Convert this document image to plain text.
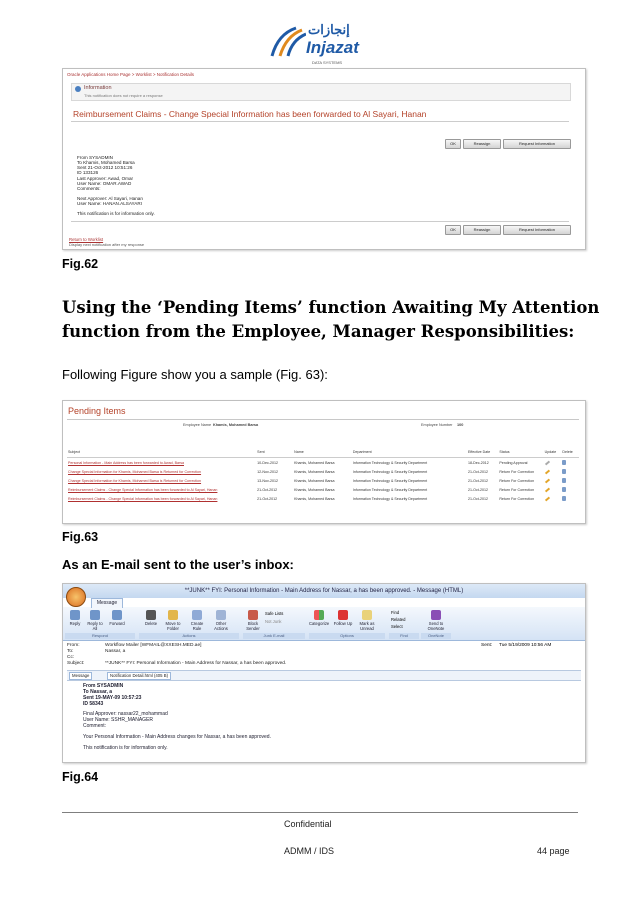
إنجازات
Injazat
DATA SYSTEMS
Oracle Applications Home Page > Worklist > Notification Details
Information
This notification does not require a response
Reimbursement Claims - Change Special Information has been forwarded to Al Sayari, Hanan
OK	Reassign	Request Information
From SYSADMIN
To Khamis, Mohamed Barsa
Sent 21-Oct-2012 10:51:26
ID 133126
Last Approver: Awad, Omar
User Name: OMAR.AWAD
Comments:
Next Approver: Al Sayari, Hanan
User Name: HANAN.ALSAYARI
This notification is for information only.
OK	Reassign	Request Information
Return to Worklist
Display next notification after my response
Fig.62
Using the ‘Pending Items’ function Awaiting My Attention function from the Employee, Manager Responsibilities:
Following Figure show you a sample (Fig. 63):
Pending Items
Employee Name Khamis, Mohamed Barsa	Employee Number 100
Subject	Sent	Name	Department	Effective Date	Status	Update	Delete
Personal Information - Main Address has been forwarded to Awad, Barsa	10-Dec-2012	Khamis, Mohamed Barsa	Information Technology & Security Department	18-Dec-2012	Pending Approval		
Change Special Information for Khamis, Mohamed Barsa is Returned for Correction	12-Nov-2012	Khamis, Mohamed Barsa	Information Technology & Security Department	21-Oct-2012	Return For Correction		
Change Special Information for Khamis, Mohamed Barsa is Returned for Correction	13-Nov-2012	Khamis, Mohamed Barsa	Information Technology & Security Department	21-Oct-2012	Return For Correction		
Reimbursement Claims - Change Special Information has been forwarded to Al Sayari, Hanan	21-Oct-2012	Khamis, Mohamed Barsa	Information Technology & Security Department	21-Oct-2012	Return For Correction		
Reimbursement Claims - Change Special Information has been forwarded to Al Sayari, Hanan	21-Oct-2012	Khamis, Mohamed Barsa	Information Technology & Security Department	21-Oct-2012	Return For Correction		
Fig.63
As an E-mail sent to the user’s inbox:
**JUNK** FYI: Personal Information - Main Address for Nassar, a has been approved. - Message (HTML)
Reply	Reply to All
Forward	Delete	Move to Folder
Create Rule
Other Actions
Block Sender
Safe Lists
Not Junk	Categorize Follow Up	Mark as Unread
Find
Related
Select
Send to OneNote
Respond	Actions	Junk E-mail	Options	Find	OneNote
Message
From:	Workflow Mailer [WFMAIL@XXESH.MED.ae]
To:	Nassar, a
Cc:
Subject:	**JUNK** FYI: Personal Information - Main Address for Nassar, a has been approved.
Sent: Tue 5/19/2009 10:56 AM
Message	Notification Detail.html (405 B)
From SYSADMIN
To Nassar, a
Sent 19-MAY-09 10:57:23
ID 58343
Final Approver: nassar22_mohammad
User Name: SSHR_MANAGER
Comment:
Your Personal Information - Main Address changes for Nassar, a has been approved.
This notification is for information only.
Fig.64
Confidential
ADMM / IDS	44 page
